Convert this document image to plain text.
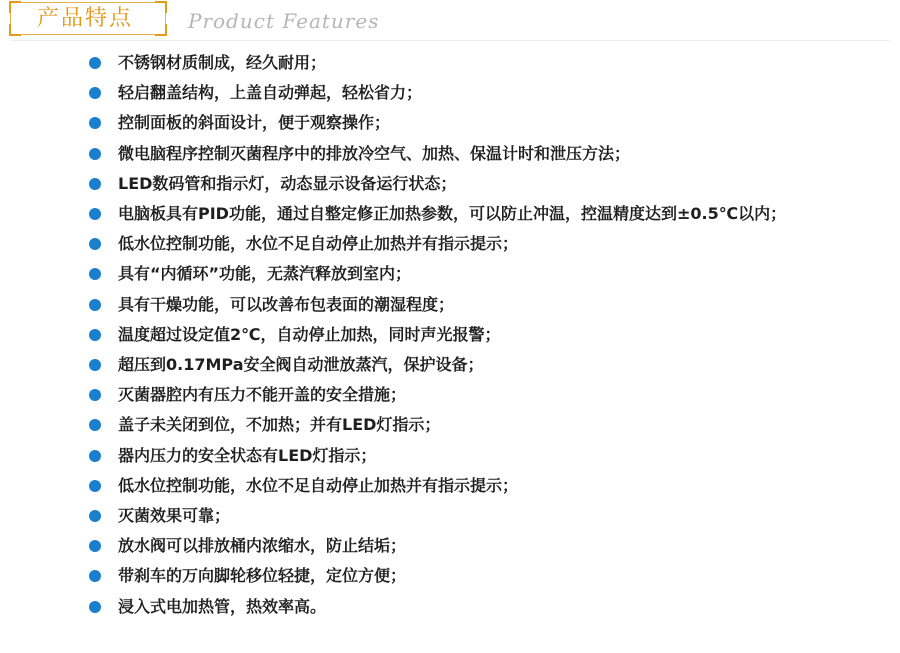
产品特点	Product Features
不锈钢材质制成，经久耐用；
轻启翻盖结构，上盖自动弹起，轻松省力；
控制面板的斜面设计，便于观察操作；
微电脑程序控制灭菌程序中的排放冷空气、加热、保温计时和泄压方法；
LED数码管和指示灯，动态显示设备运行状态；
电脑板具有PID功能，通过自整定修正加热参数，可以防止冲温，控温精度达到±0.5℃以内；
低水位控制功能，水位不足自动停止加热并有指示提示；
具有“内循环”功能，无蒸汽释放到室内；
具有干燥功能，可以改善布包表面的潮湿程度；
温度超过设定值2℃，自动停止加热，同时声光报警；
超压到0.17MPa安全阀自动泄放蒸汽，保护设备；
灭菌器腔内有压力不能开盖的安全措施；
盖子未关闭到位，不加热；并有LED灯指示；
器内压力的安全状态有LED灯指示；
低水位控制功能，水位不足自动停止加热并有指示提示；
灭菌效果可靠；
放水阀可以排放桶内浓缩水，防止结垢；
带刹车的万向脚轮移位轻捷，定位方便；
浸入式电加热管，热效率高。
